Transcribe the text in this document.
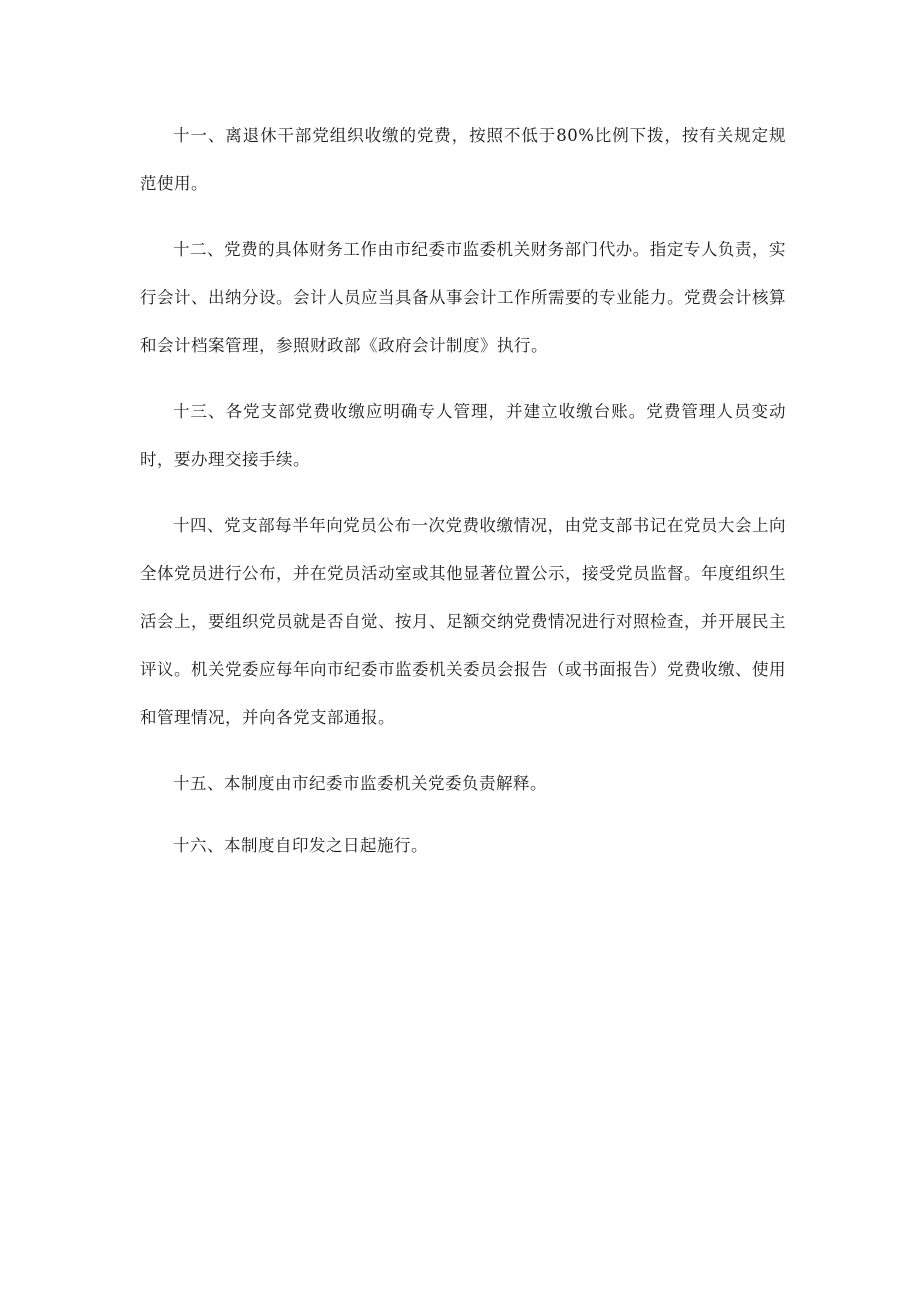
十一、离退休干部党组织收缴的党费，按照不低于80%比例下拨，按有关规定规范使用。

十二、党费的具体财务工作由市纪委市监委机关财务部门代办。指定专人负责，实行会计、出纳分设。会计人员应当具备从事会计工作所需要的专业能力。党费会计核算和会计档案管理，参照财政部《政府会计制度》执行。

十三、各党支部党费收缴应明确专人管理，并建立收缴台账。党费管理人员变动时，要办理交接手续。

十四、党支部每半年向党员公布一次党费收缴情况，由党支部书记在党员大会上向全体党员进行公布，并在党员活动室或其他显著位置公示，接受党员监督。年度组织生活会上，要组织党员就是否自觉、按月、足额交纳党费情况进行对照检查，并开展民主评议。机关党委应每年向市纪委市监委机关委员会报告（或书面报告）党费收缴、使用和管理情况，并向各党支部通报。

十五、本制度由市纪委市监委机关党委负责解释。

十六、本制度自印发之日起施行。
